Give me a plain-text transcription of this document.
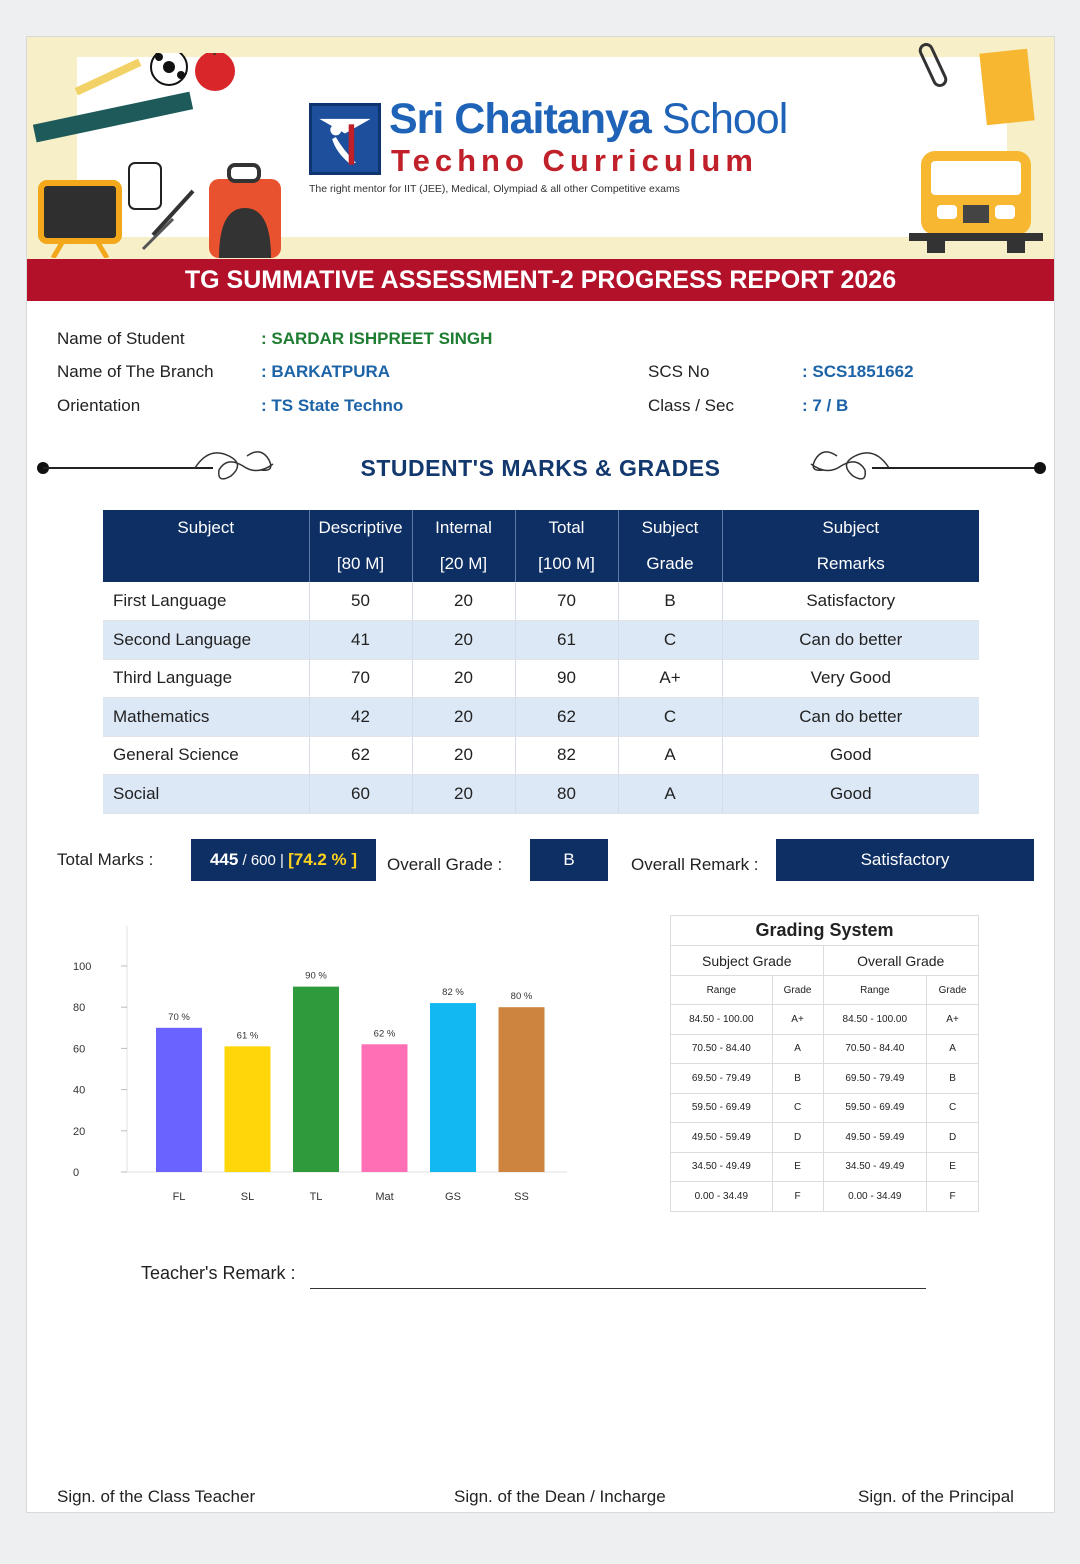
Sri Chaitanya School
Techno Curriculum
The right mentor for IIT (JEE), Medical, Olympiad & all other Competitive exams
TG SUMMATIVE ASSESSMENT-2 PROGRESS REPORT 2026
Name of Student	: SARDAR ISHPREET SINGH
Name of The Branch	: BARKATPURA
Orientation	: TS State Techno
SCS No	: SCS1851662
Class / Sec	: 7 / B
STUDENT'S MARKS & GRADES
Subject	Descriptive	Internal	Total	Subject	Subject
	[80 M]	[20 M]	[100 M]	Grade	Remarks
First Language	50	20	70	B	Satisfactory
Second Language	41	20	61	C	Can do better
Third Language	70	20	90	A+	Very Good
Mathematics	42	20	62	C	Can do better
General Science	62	20	82	A	Good
Social	60	20	80	A	Good
Total Marks :	445 / 600 | [74.2 % ]	Overall Grade :	B	Overall Remark :	Satisfactory
0
20
40
60
80
100
70 %
FL
61 %
SL
90 %
TL
62 %
Mat
82 %
GS
80 %
SS
Grading System			
Subject Grade		Overall Grade	
Range	Grade	Range	Grade
84.50 - 100.00	A+	84.50 - 100.00	A+
70.50 - 84.40	A	70.50 - 84.40	A
69.50 - 79.49	B	69.50 - 79.49	B
59.50 - 69.49	C	59.50 - 69.49	C
49.50 - 59.49	D	49.50 - 59.49	D
34.50 - 49.49	E	34.50 - 49.49	E
0.00 - 34.49	F	0.00 - 34.49	F
Teacher's Remark :
Sign. of the Class Teacher	Sign. of the Dean / Incharge	Sign. of the Principal
